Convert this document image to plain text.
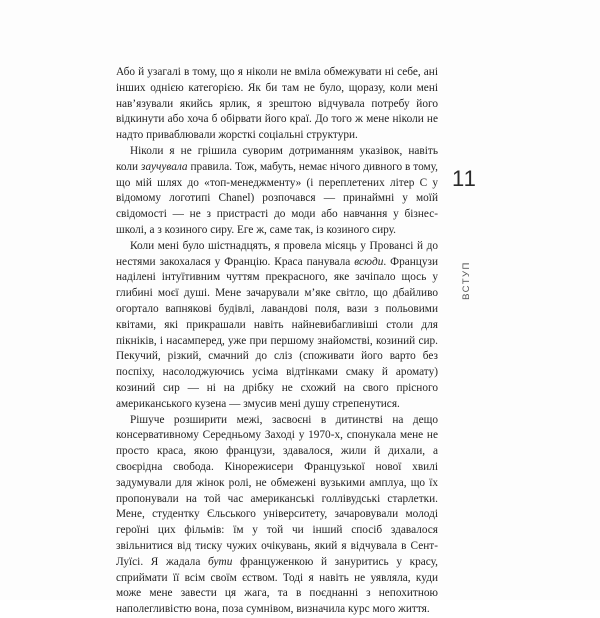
Або й узагалі в тому, що я ніколи не вміла обмежувати ні себе, ані інших однією категорією. Як би там не було, щоразу, коли мені нав’язували якийсь ярлик, я зрештою відчувала потребу його відкинути або хоча б обірвати його краї. До того ж мене ніколи не надто приваблювали жорсткі соціальні структури.

Ніколи я не грішила суворим дотриманням указівок, навіть коли заучувала правила. Тож, мабуть, немає нічого дивного в тому, що мій шлях до «топ-менеджменту» (і переплетених літер C у відомому логотипі Chanel) розпочався — принаймні у моїй свідомості — не з пристрасті до моди або навчання у бізнес-школі, а з козиного сиру. Еге ж, саме так, із козиного сиру.

Коли мені було шістнадцять, я провела місяць у Провансі й до нестями закохалася у Францію. Краса панувала всюди. Французи наділені інтуїтивним чуттям прекрасного, яке зачіпало щось у глибині моєї душі. Мене зачарували м’яке світло, що дбайливо огортало вапнякові будівлі, лавандові поля, вази з польовими квітами, які прикрашали навіть найневибагливіші столи для пікніків, і насамперед, уже при першому знайомстві, козиний сир. Пекучий, різкий, смачний до сліз (споживати його варто без поспіху, насолоджуючись усіма відтінками смаку й аромату) козиний сир — ні на дрібку не схожий на свого прісного американського кузена — змусив мені душу стрепенутися.

Рішуче розширити межі, засвоєні в дитинстві на дещо консервативному Середньому Заході у 1970-х, спонукала мене не просто краса, якою французи, здавалося, жили й дихали, а своєрідна свобода. Кінорежисери Французької нової хвилі задумували для жінок ролі, не обмежені вузькими амплуа, що їх пропонували на той час американські голлівудські старлетки. Мене, студентку Єльського університету, зачаровували молоді героїні цих фільмів: їм у той чи інший спосіб здавалося звільнитися від тиску чужих очікувань, який я відчувала в Сент-Луїсі. Я жадала бути француженкою й зануритись у красу, сприймати її всім своїм єством. Тоді я навіть не уявляла, куди може мене завести ця жага, та в поєднанні з непохитною наполегливістю вона, поза сумнівом, визначила курс мого життя.

11
ВСТУП
